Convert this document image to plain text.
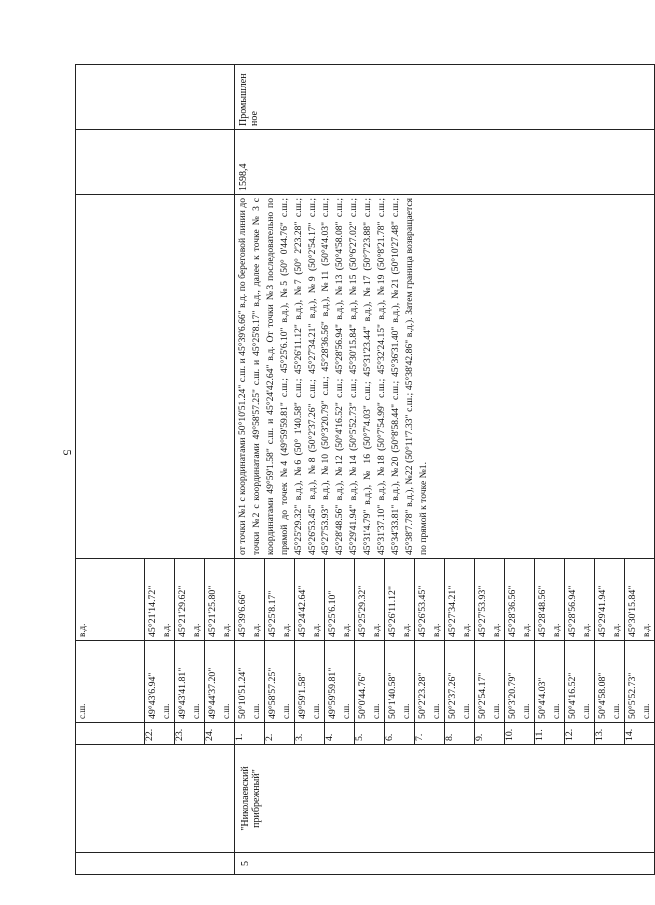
5

			с.ш.	в.д.			

		22.	49°43'6.94" с.ш.	45°21'14.72" в.д.			

		23.	49°43'41.81" с.ш.	45°21'29.62" в.д.			

		24.	49°44'37.20" с.ш.	45°21'25.80" в.д.			

5	"Николаевский прибрежный"	1.	50°10'51.24" с.ш.	45°39'6.66" в.д.	от точки №1 с координатами 50°10'51.24" с.ш. и 45°39'6.66" в.д. по береговой линии до точки №2 с координатами 49°58'57.25" с.ш. и 45°25'8.17" в.д., далее к точке № 3 с координатами 49°59'1.58" с.ш. и 45°24'42.64" в.д. От точки №3 последовательно по прямой до точек №4 (49°59'59.81" с.ш.; 45°25'6.10" в.д.), №5 (50° 0'44.76" с.ш.; 45°25'29.32" в.д.), №6 (50° 1'40.58" с.ш.; 45°26'11.12" в.д.), №7 (50° 2'23.28" с.ш.; 45°26'53.45" в.д.), №8 (50°2'37.26" с.ш.; 45°27'34.21" в.д.), №9 (50°2'54.17" с.ш.; 45°27'53.93" в.д.), №10 (50°3'20.79" с.ш.; 45°28'36.56" в.д.), №11 (50°4'4.03" с.ш.; 45°28'48.56" в.д.), №12 (50°4'16.52" с.ш.; 45°28'56.94" в.д.), №13 (50°4'58.08" с.ш.; 45°29'41.94" в.д.), №14 (50°5'52.73" с.ш.; 45°30'15.84" в.д.), №15 (50°6'27.02" с.ш.; 45°31'4.79" в.д.), № 16 (50°7'4.03" с.ш.; 45°31'23.44" в.д.), №17 (50°7'23.88" с.ш.; 45°31'37.10" в.д.), №18 (50°7'54.99" с.ш.; 45°32'24.15" в.д.), №19 (50°8'21.78" с.ш.; 45°34'33.81" в.д.), №20 (50°8'58.44" с.ш.; 45°36'31.40" в.д.), №21 (50°10'27.48" с.ш.; 45°38'7.78" в.д.), №22 (50°11'7.33" с.ш.; 45°38'42.86" в.д.). Затем граница возвращается по прямой к точке №1.	1598,4	Промышлен ное
		2.	49°58'57.25" с.ш.	45°25'8.17" в.д.			

		3.	49°59'1.58" с.ш.	45°24'42.64" в.д.			

		4.	49°59'59.81" с.ш.	45°25'6.10" в.д.			

		5.	50°0'44.76" с.ш.	45°25'29.32" в.д.			

		6.	50°1'40.58" с.ш.	45°26'11.12" в.д.			

		7.	50°2'23.28" с.ш.	45°26'53.45" в.д.			

		8.	50°2'37.26" с.ш.	45°27'34.21" в.д.			

		9.	50°2'54.17" с.ш.	45°27'53.93" в.д.			

		10.	50°3'20.79" с.ш.	45°28'36.56" в.д.			

		11.	50°4'4.03" с.ш.	45°28'48.56" в.д.			

		12.	50°4'16.52" с.ш.	45°28'56.94" в.д.			

		13.	50°4'58.08" с.ш.	45°29'41.94" в.д.			

		14.	50°5'52.73" с.ш.	45°30'15.84" в.д.			
